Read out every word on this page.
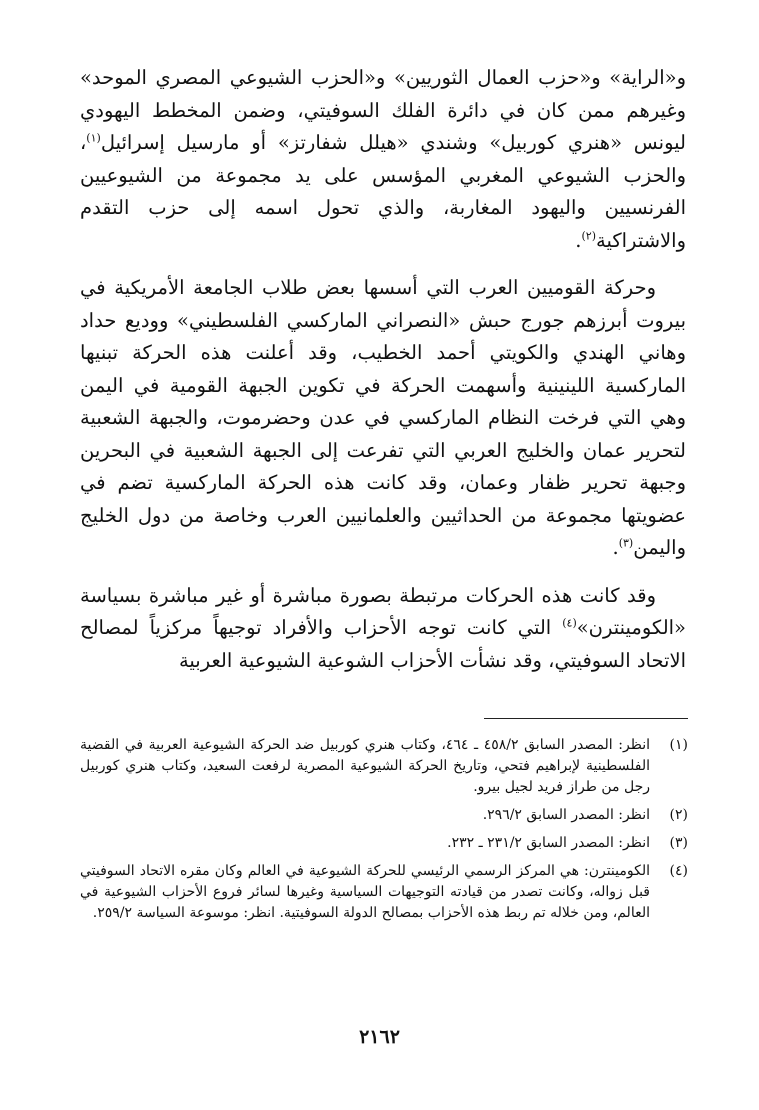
و«الراية» و«حزب العمال الثوريين» و«الحزب الشيوعي المصري الموحد» وغيرهم ممن كان في دائرة الفلك السوفيتي، وضمن المخطط اليهودي ليونس «هنري كوربيل» وشندي «هيلل شفارتز» أو مارسيل إسرائيل$^{(١)}$، والحزب الشيوعي المغربي المؤسس على يد مجموعة من الشيوعيين الفرنسيين واليهود المغاربة، والذي تحول اسمه إلى حزب التقدم والاشتراكية$^{(٢)}$.

وحركة القوميين العرب التي أسسها بعض طلاب الجامعة الأمريكية في بيروت أبرزهم جورج حبش «النصراني الماركسي الفلسطيني» ووديع حداد وهاني الهندي والكويتي أحمد الخطيب، وقد أعلنت هذه الحركة تبنيها الماركسية اللينينية وأسهمت الحركة في تكوين الجبهة القومية في اليمن وهي التي فرخت النظام الماركسي في عدن وحضرموت، والجبهة الشعبية لتحرير عمان والخليج العربي التي تفرعت إلى الجبهة الشعبية في البحرين وجبهة تحرير ظفار وعمان، وقد كانت هذه الحركة الماركسية تضم في عضويتها مجموعة من الحداثيين والعلمانيين العرب وخاصة من دول الخليج واليمن$^{(٣)}$.

وقد كانت هذه الحركات مرتبطة بصورة مباشرة أو غير مباشرة بسياسة «الكومينترن»$^{(٤)}$ التي كانت توجه الأحزاب والأفراد توجيهاً مركزياً لمصالح الاتحاد السوفيتي، وقد نشأت الأحزاب الشوعية الشيوعية العربية

(١)
انظر: المصدر السابق ٤٥٨/٢ ـ ٤٦٤، وكتاب هنري كوربيل ضد الحركة الشيوعية العربية في القضية الفلسطينية لإبراهيم فتحي، وتاريخ الحركة الشيوعية المصرية لرفعت السعيد، وكتاب هنري كوربيل رجل من طراز فريد لجيل بيرو.
(٢)
انظر: المصدر السابق ٢٩٦/٢.
(٣)
انظر: المصدر السابق ٢٣١/٢ ـ ٢٣٢.
(٤)
الكومينترن: هي المركز الرسمي الرئيسي للحركة الشيوعية في العالم وكان مقره الاتحاد السوفيتي قبل زواله، وكانت تصدر من قيادته التوجيهات السياسية وغيرها لسائر فروع الأحزاب الشيوعية في العالم، ومن خلاله تم ربط هذه الأحزاب بمصالح الدولة السوفيتية. انظر: موسوعة السياسة ٢٥٩/٢.
٢١٦٢
